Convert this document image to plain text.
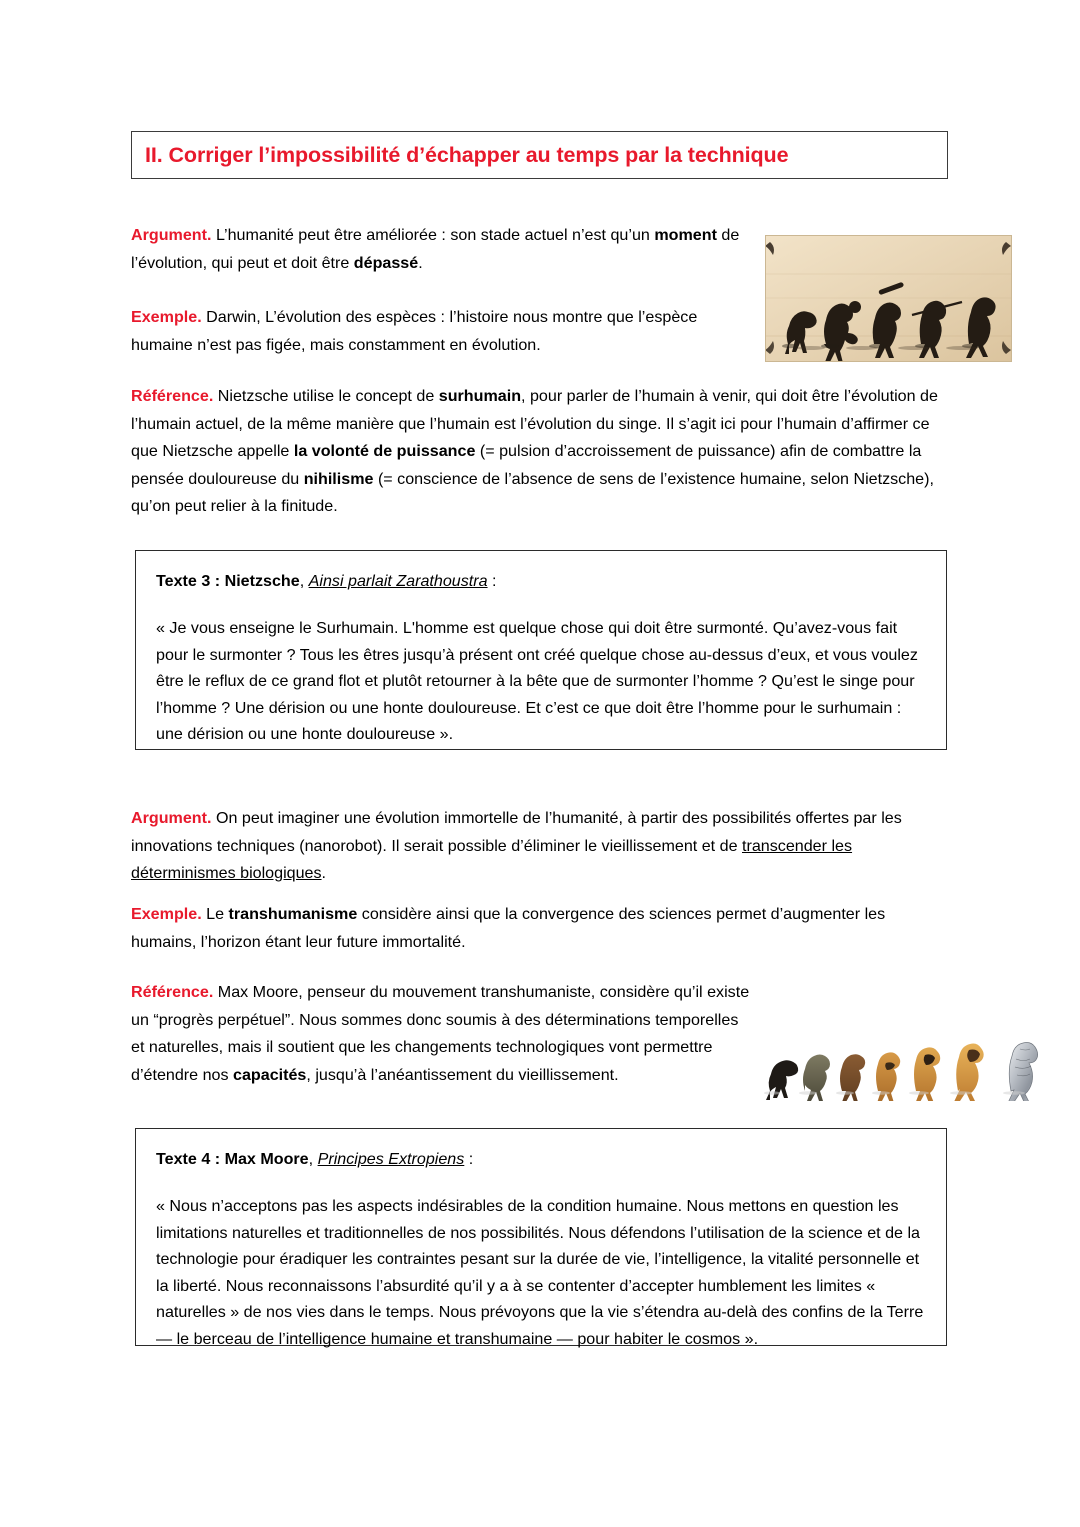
II. Corriger l’impossibilité d’échapper au temps par la technique

Argument. L’humanité peut être améliorée : son stade actuel n’est qu’un moment de l’évolution, qui peut et doit être dépassé.

Exemple. Darwin, L’évolution des espèces : l’histoire nous montre que l’espèce humaine n’est pas figée, mais constamment en évolution.

Référence. Nietzsche utilise le concept de surhumain, pour parler de l’humain à venir, qui doit être l’évolution de l’humain actuel, de la même manière que l’humain est l’évolution du singe. Il s’agit ici pour l’humain d’affirmer ce que Nietzsche appelle la volonté de puissance (= pulsion d’accroissement de puissance) afin de combattre la pensée douloureuse du nihilisme (= conscience de l’absence de sens de l’existence humaine, selon Nietzsche), qu’on peut relier à la finitude.

Texte 3 : Nietzsche, Ainsi parlait Zarathoustra :

« Je vous enseigne le Surhumain. L'homme est quelque chose qui doit être surmonté. Qu’avez-vous fait pour le surmonter ? Tous les êtres jusqu’à présent ont créé quelque chose au-dessus d’eux, et vous voulez être le reflux de ce grand flot et plutôt retourner à la bête que de surmonter l’homme ? Qu’est le singe pour l’homme ? Une dérision ou une honte douloureuse. Et c’est ce que doit être l’homme pour le surhumain : une dérision ou une honte douloureuse ».

Argument. On peut imaginer une évolution immortelle de l’humanité, à partir des possibilités offertes par les innovations techniques (nanorobot). Il serait possible d’éliminer le vieillissement et de transcender les déterminismes biologiques.

Exemple. Le transhumanisme considère ainsi que la convergence des sciences permet d’augmenter les humains, l’horizon étant leur future immortalité.

Référence. Max Moore, penseur du mouvement transhumaniste, considère qu’il existe un “progrès perpétuel”. Nous sommes donc soumis à des déterminations temporelles et naturelles, mais il soutient que les changements technologiques vont permettre d’étendre nos capacités, jusqu’à l’anéantissement du vieillissement.

Texte 4 : Max Moore, Principes Extropiens :

« Nous n’acceptons pas les aspects indésirables de la condition humaine. Nous mettons en question les limitations naturelles et traditionnelles de nos possibilités. Nous défendons l’utilisation de la science et de la technologie pour éradiquer les contraintes pesant sur la durée de vie, l’intelligence, la vitalité personnelle et la liberté. Nous reconnaissons l’absurdité qu’il y a à se contenter d’accepter humblement les limites « naturelles » de nos vies dans le temps. Nous prévoyons que la vie s’étendra au-delà des confins de la Terre — le berceau de l’intelligence humaine et transhumaine — pour habiter le cosmos ».
